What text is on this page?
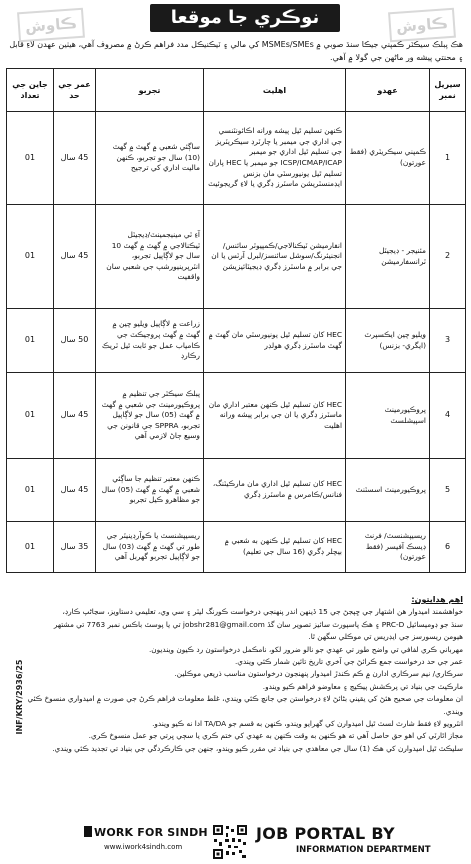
ڪاوش	نوڪري جا موقعا	ڪاوش
هڪ پبلڪ سيڪٽر ڪمپني جيڪا سنڌ صوبي ۾ MSMEs/SMEs کي مالي ۽ ٽيڪنيڪل مدد فراهم ڪرڻ ۾ مصروف آهي، هيٺين عهدن لاءِ قابل ۽ محنتي پيشه ور ماڻهن جي گولا ۾ آهي.
سيريل نمبر	عهدو	اهليت	تجربو	عمر جي حد	جاين جي تعداد
1	ڪمپني سيڪريٽري (فقط عورتون)	ڪنهن تسليم ٿيل پيشه ورانه اڪائونٽنسي جي اداري جي ميمبر يا چارٽرڊ سيڪريٽريز جي تسليم ٿيل اداري جو ميمبر ICSP/ICMAP/ICAP جو ميمبر يا HEC پاران تسليم ٿيل يونيورسٽي مان بزنس ايڊمنسٽريشن ماسٽرز ڊگري يا لاءِ گريجوئيٽ	ساڳئي شعبي ۾ گهٽ ۾ گهٽ (10) سال جو تجربو، ڪنهن ماليت اداري کي ترجيح	45 سال	01
2	مئنيجر - ڊيجيٽل ٽرانسفارميشن	انفارميشن ٽيڪنالاجي/ڪمپيوٽر سائنس/انجنيئرنگ/سوشل سائنسز/لبرل آرٽس يا ان جي برابر ۾ ماسٽرز ڊگري ڊيجيٽائيزيشن	آءِ ٽي مينيجمينٽ/ڊيجيٽل ٽيڪنالاجي ۾ گهٽ ۾ گهٽ 10 سال جو لاڳاپيل تجربو، انٽرپرينيورشپ جي شعبي سان واقفيت	45 سال	01
3	ويليو چين ايڪسپرٽ (ايگري- بزنس)	HEC کان تسليم ٿيل يونيورسٽي مان گهٽ ۾ گهٽ ماسٽرز ڊگري هولڊر	زراعت ۾ لاڳاپيل ويليو چين ۾ گهٽ ۾ گهٽ پروجيڪٽ جي ڪامياب عمل جو ثابت ٿيل ٽريڪ رڪارڊ	50 سال	01
4	پروڪيورمينٽ اسپيشلسٽ	HEC کان تسليم ٿيل ڪنهن معتبر اداري مان ماسٽرز ڊگري يا ان جي برابر پيشه ورانه اهليت	پبلڪ سيڪٽر جي تنظيم ۾ پروڪيورمينٽ جي شعبي ۾ گهٽ ۾ گهٽ (05) سال جو لاڳاپيل تجربو، SPPRA جي قانونن جي وسيع ڄاڻ لازمي آهي	45 سال	01
5	پروڪيورمينٽ اسسٽنٽ	HEC کان تسليم ٿيل اداري مان مارڪيٽنگ، فنانس/ڪامرس ۾ ماسٽرز ڊگري	ڪنهن معتبر تنظيم جا ساڳئي شعبي ۾ گهٽ ۾ گهٽ (05) سال جو مظاهرو ڪيل تجربو	45 سال	01
6	ريسيپشنسٽ/ فرنٽ ڊيسڪ آفيسر (فقط عورتون)	HEC کان تسليم ٿيل ڪنهن به شعبي ۾ بيچلر ڊگري (16 سال جي تعليم)	ريسيپشنسٽ يا ڪوآرڊينيٽر جي طور تي گهٽ ۾ گهٽ (03) سال جو لاڳاپيل تجربو گهربل آهي	35 سال	01
اهم هدايتون:
خواهشمند اميدوار هن اشتهار جي ڇپجڻ جي 15 ڏينهن اندر پنهنجي درخواست ڪورنگ ليٽر ۽ سي وي، تعليمي دستاويز، سڃاڻپ ڪارڊ،
سنڌ جو ڊوميسائيل PRC-D ۽ هڪ پاسپورٽ سائيز تصوير سان گڏ jobshr281@gmail.com تي يا پوسٽ باڪس نمبر 7763 تي مشتهر
هيومن ريسورسز جي ايڊريس تي موڪلي سگهن ٿا.
مهرباني ڪري لفافي تي واضح طور تي عهدي جو نالو ضرور لکو، نامڪمل درخواستون رد ڪيون وينديون.
عمر جي حد درخواست جمع ڪرائڻ جي آخري تاريخ تائين شمار ڪئي ويندي.
سرڪاري/ نيم سرڪاري ادارن ۾ ڪم ڪندڙ اميدوار پنهنجون درخواستون مناسب ذريعي موڪلين.
مارڪيٽ جي بنياد تي پرڪشش پيڪيج ۽ معاوضو فراهم ڪيو ويندو.
ان معلومات جي صحيح هئڻ کي يقيني بڻائڻ لاءِ درخواستن جي جانچ ڪئي ويندي، غلط معلومات فراهم ڪرڻ جي صورت ۾ اميدواري منسوخ ڪئي ويندي.
انٽرويو لاءِ فقط شارٽ لسٽ ٿيل اميدوارن کي گهرايو ويندو، ڪنهن به قسم جو TA/DA ادا نه ڪيو ويندو.
مجاز اٿارٽي کي اهو حق حاصل آهي ته هو ڪنهن به وقت ڪنهن به عهدي کي ختم ڪري يا سڄي ڀرتي جو عمل منسوخ ڪري.
سليڪٽ ٿيل اميدوارن کي هڪ (1) سال جي معاهدي جي بنياد تي مقرر ڪيو ويندو، جنهن جي ڪارڪردگي جي بنياد تي تجديد ڪئي ويندي.
INF/KRY/2936/25
WORK FOR SINDH
www.iwork4sindh.com
JOB PORTAL BY
INFORMATION DEPARTMENT
